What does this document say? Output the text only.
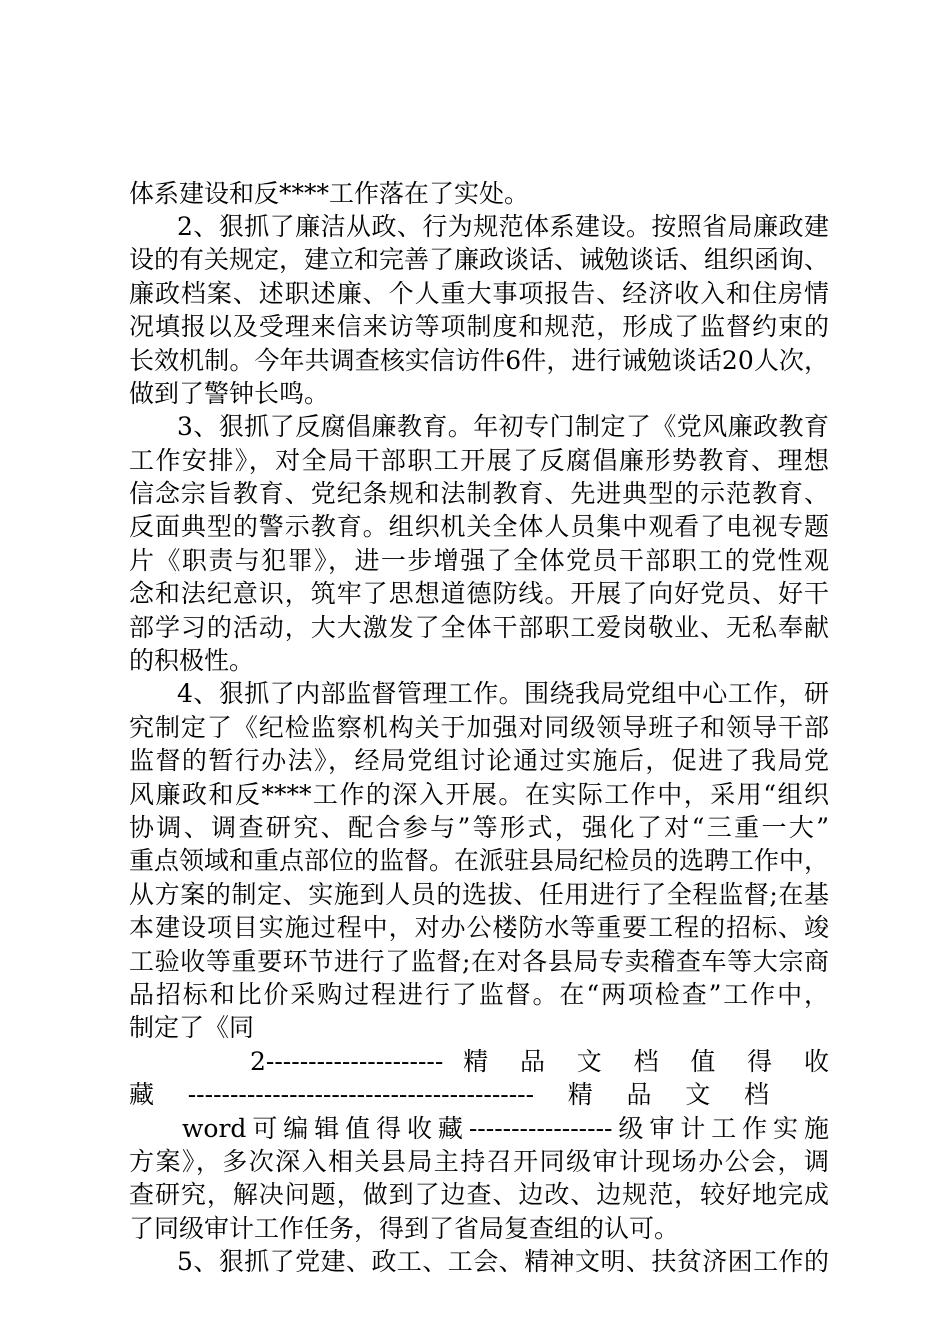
体系建设和反****工作落在了实处。
2、狠抓了廉洁从政、行为规范体系建设。按照省局廉政建
设的有关规定，建立和完善了廉政谈话、诫勉谈话、组织函询、
廉政档案、述职述廉、个人重大事项报告、经济收入和住房情
况填报以及受理来信来访等项制度和规范，形成了监督约束的
长效机制。今年共调查核实信访件6件，进行诫勉谈话20人次，
做到了警钟长鸣。
3、狠抓了反腐倡廉教育。年初专门制定了《党风廉政教育
工作安排》，对全局干部职工开展了反腐倡廉形势教育、理想
信念宗旨教育、党纪条规和法制教育、先进典型的示范教育、
反面典型的警示教育。组织机关全体人员集中观看了电视专题
片《职责与犯罪》，进一步增强了全体党员干部职工的党性观
念和法纪意识，筑牢了思想道德防线。开展了向好党员、好干
部学习的活动，大大激发了全体干部职工爱岗敬业、无私奉献
的积极性。
4、狠抓了内部监督管理工作。围绕我局党组中心工作，研
究制定了《纪检监察机构关于加强对同级领导班子和领导干部
监督的暂行办法》，经局党组讨论通过实施后，促进了我局党
风廉政和反****工作的深入开展。在实际工作中，采用“组织
协调、调查研究、配合参与”等形式，强化了对“三重一大”
重点领域和重点部位的监督。在派驻县局纪检员的选聘工作中，
从方案的制定、实施到人员的选拔、任用进行了全程监督;在基
本建设项目实施过程中，对办公楼防水等重要工程的招标、竣
工验收等重要环节进行了监督;在对各县局专卖稽查车等大宗商
品招标和比价采购过程进行了监督。在“两项检查”工作中，
制定了《同
2--------------------- 精 品 文 档 值 得 收
藏-----------------------------------------精品文档
word可编辑值得收藏-----------------级审计工作实施
方案》，多次深入相关县局主持召开同级审计现场办公会，调
查研究，解决问题，做到了边查、边改、边规范，较好地完成
了同级审计工作任务，得到了省局复查组的认可。
5、狠抓了党建、政工、工会、精神文明、扶贫济困工作的
